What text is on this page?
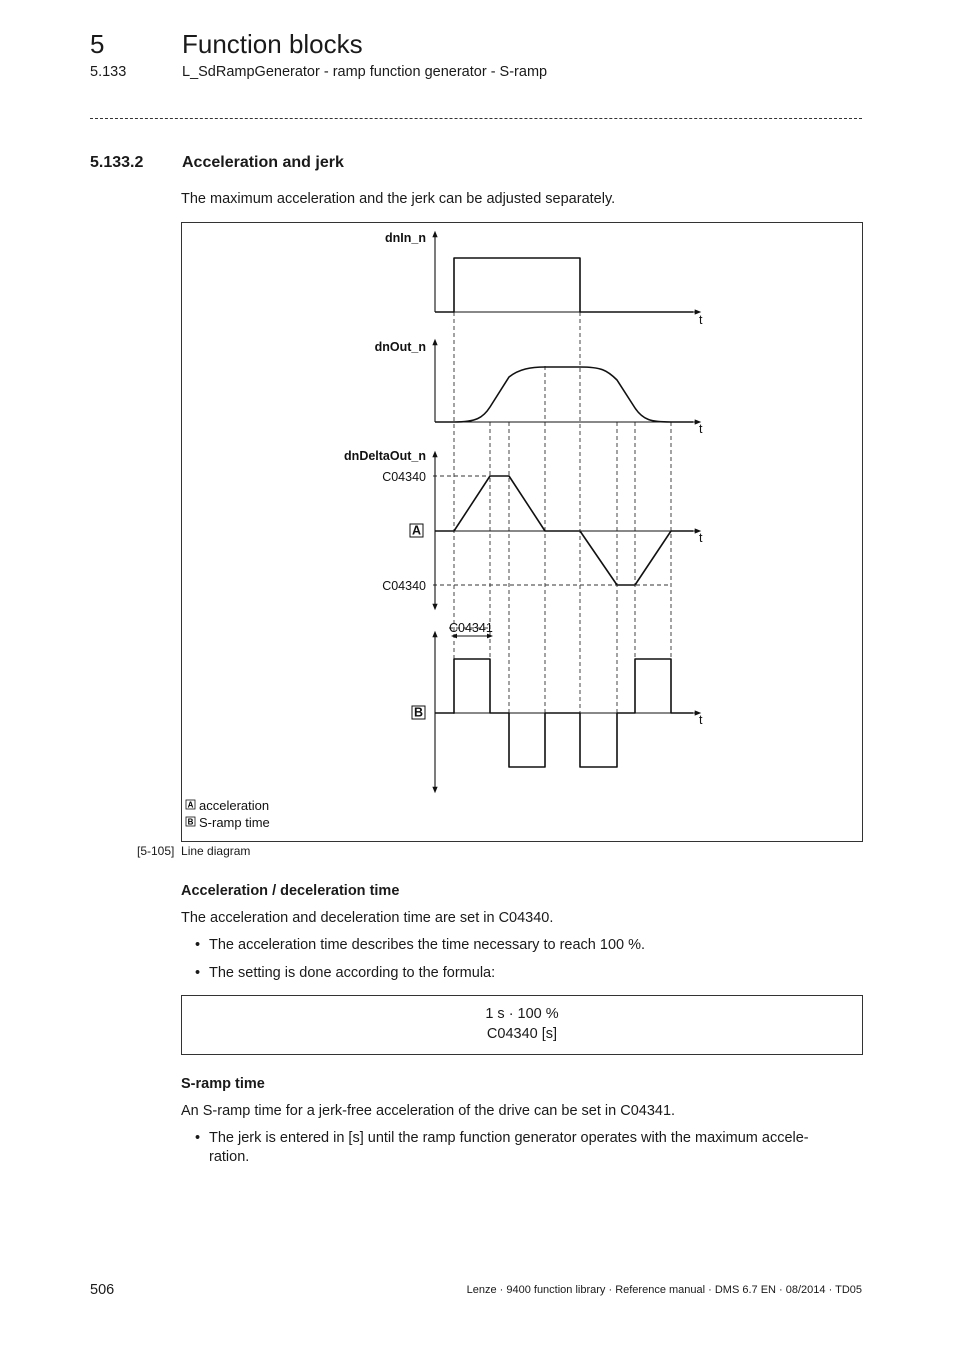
5	Function blocks
5.133	L_SdRampGenerator - ramp function generator - S-ramp
5.133.2 Acceleration and jerk

The maximum acceleration and the jerk can be adjusted separately.

dnIn_n
dnOut_n
dnDeltaOut_n
C04340
C04340
C04341
t
t
t
t
A
B
A acceleration
B S-ramp time
[5-105] Line diagram
Acceleration / deceleration time

The acceleration and deceleration time are set in C04340.

• The acceleration time describes the time necessary to reach 100 %.
• The setting is done according to the formula:
1 s · 100 %
C04340 [s]
S-ramp time

An S-ramp time for a jerk-free acceleration of the drive can be set in C04341.

• The jerk is entered in [s] until the ramp function generator operates with the maximum accele-
ration.
506	Lenze · 9400 function library · Reference manual · DMS 6.7 EN · 08/2014 · TD05
